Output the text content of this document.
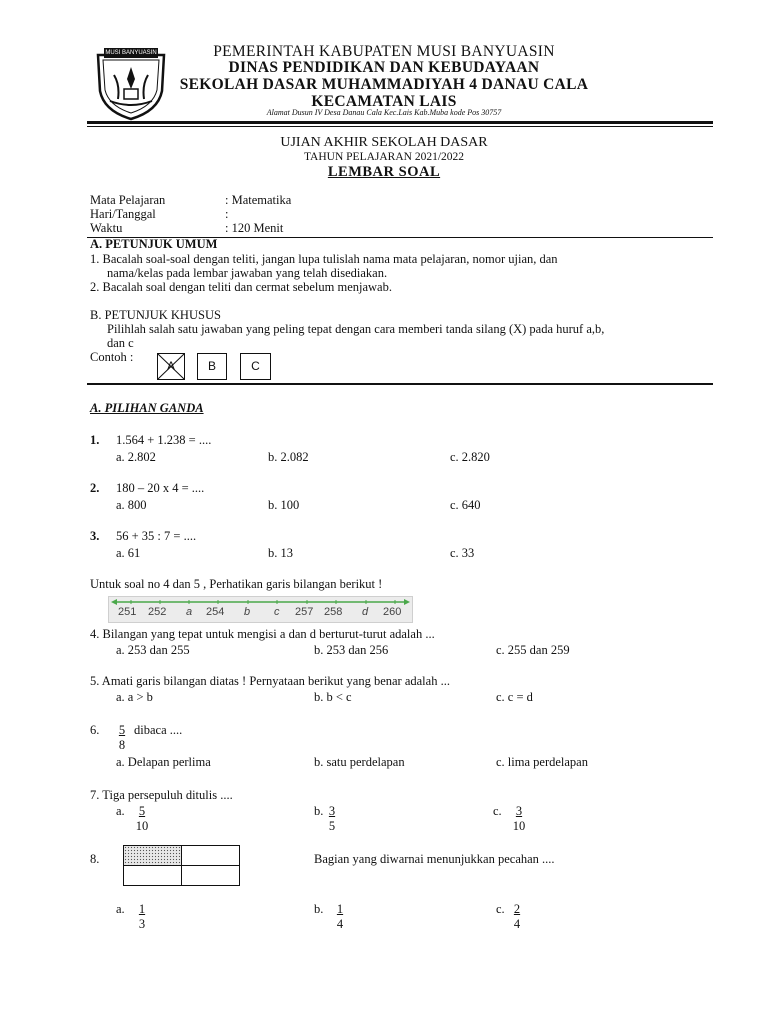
MUSI BANYUASIN	PEMERINTAH KABUPATEN MUSI BANYUASIN
DINAS PENDIDIKAN DAN KEBUDAYAAN
SEKOLAH DASAR MUHAMMADIYAH 4 DANAU CALA
KECAMATAN LAIS
Alamat Dusun IV Desa Danau Cala Kec.Lais Kab.Muba kode Pos 30757
UJIAN AKHIR SEKOLAH DASAR
TAHUN PELAJARAN 2021/2022
LEMBAR SOAL
Mata Pelajaran	: Matematika
Hari/Tanggal	:
Waktu	: 120 Menit
A. PETUNJUK UMUM
1. Bacalah soal-soal dengan teliti, jangan lupa tulislah nama mata pelajaran, nomor ujian, dan
nama/kelas pada lembar jawaban yang telah disediakan.
2. Bacalah soal dengan teliti dan cermat sebelum menjawab.
B. PETUNJUK KHUSUS
Pilihlah salah satu jawaban yang peling tepat dengan cara memberi tanda silang (X) pada huruf a,b,
dan c
Contoh :
A	B	C
A. PILIHAN GANDA
1. 1.564 + 1.238 = ....
a. 2.802	b. 2.082	c. 2.820
2. 180 – 20 x 4 = ....
a. 800	b. 100	c. 640
3. 56 + 35 : 7 = ....
a. 61	b. 13	c. 33
Untuk soal no 4 dan 5 , Perhatikan garis bilangan berikut !
251 252 a 254 b c 257 258 d 260
4. Bilangan yang tepat untuk mengisi a dan d berturut-turut adalah ...
a. 253 dan 255	b. 253 dan 256	c. 255 dan 259
5. Amati garis bilangan diatas ! Pernyataan berikut yang benar adalah ...
a. a > b	b. b < c	c. c = d
6. $\frac{5}{8}$ dibaca ....
a. Delapan perlima	b. satu perdelapan	c. lima perdelapan
7. Tiga persepuluh ditulis ....
a. $\frac{5}{10}$	b. $\frac{3}{5}$	c. $\frac{3}{10}$
8.	Bagian yang diwarnai menunjukkan pecahan ....
a. $\frac{1}{3}$	b. $\frac{1}{4}$	c. $\frac{2}{4}$
